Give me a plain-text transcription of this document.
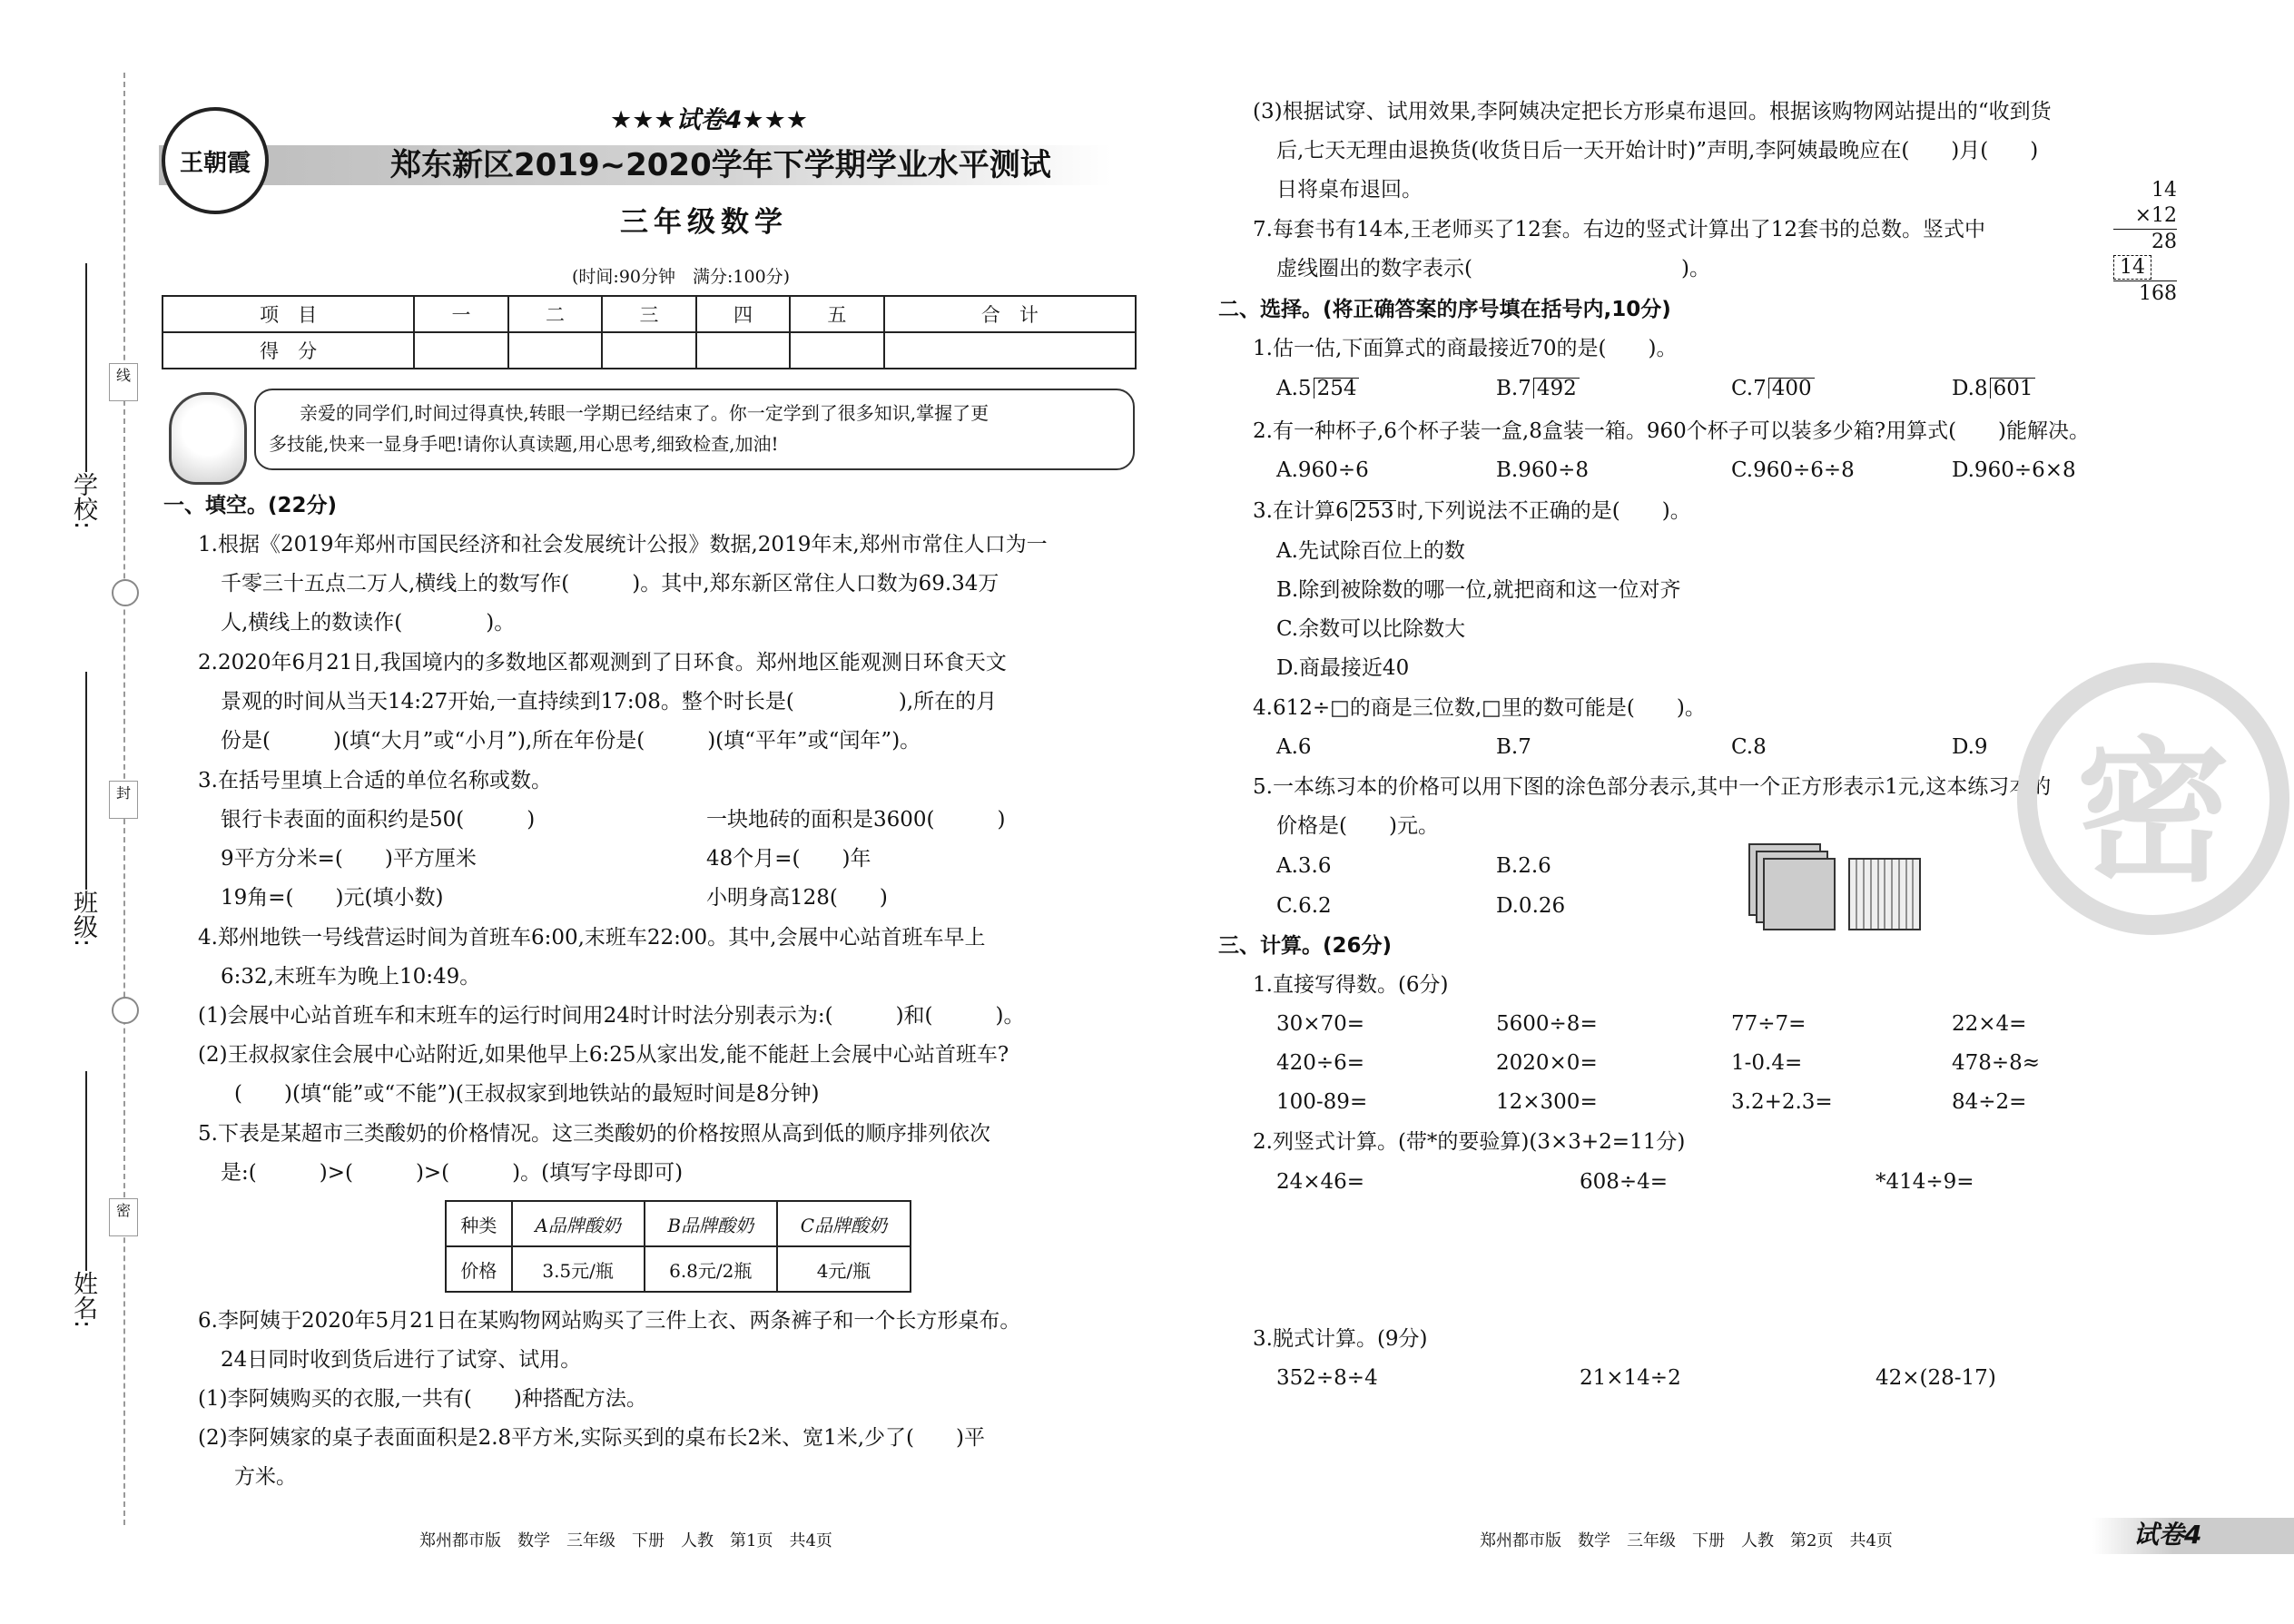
线
封
密
学校:
班级:
姓名:
王朝霞
★★★试卷4★★★
郑东新区2019~2020学年下学期学业水平测试
三年级数学
(时间:90分钟　满分:100分)
项　目	一	二	三	四	五	合　计
得　分						
亲爱的同学们,时间过得真快,转眼一学期已经结束了。你一定学到了很多知识,掌握了更
多技能,快来一显身手吧!请你认真读题,用心思考,细致检查,加油!
一、填空。(22分)
1.根据《2019年郑州市国民经济和社会发展统计公报》数据,2019年末,郑州市常住人口为一
千零三十五点二万人,横线上的数写作(　　　)。其中,郑东新区常住人口数为69.34万
人,横线上的数读作(　　　　)。
2.2020年6月21日,我国境内的多数地区都观测到了日环食。郑州地区能观测日环食天文
景观的时间从当天14:27开始,一直持续到17:08。整个时长是(　　　　　),所在的月
份是(　　　)(填“大月”或“小月”),所在年份是(　　　)(填“平年”或“闰年”)。
3.在括号里填上合适的单位名称或数。
银行卡表面的面积约是50(　　　)	一块地砖的面积是3600(　　　)
9平方分米=(　　)平方厘米	48个月=(　　)年
19角=(　　)元(填小数)	小明身高128(　　)
4.郑州地铁一号线营运时间为首班车6:00,末班车22:00。其中,会展中心站首班车早上
6:32,末班车为晚上10:49。
(1)会展中心站首班车和末班车的运行时间用24时计时法分别表示为:(　　　)和(　　　)。
(2)王叔叔家住会展中心站附近,如果他早上6:25从家出发,能不能赶上会展中心站首班车?
(　　)(填“能”或“不能”)(王叔叔家到地铁站的最短时间是8分钟)
5.下表是某超市三类酸奶的价格情况。这三类酸奶的价格按照从高到低的顺序排列依次
是:(　　　)>(　　　)>(　　　)。(填写字母即可)
种类	A品牌酸奶	B品牌酸奶	C品牌酸奶
价格	3.5元/瓶	6.8元/2瓶	4元/瓶
6.李阿姨于2020年5月21日在某购物网站购买了三件上衣、两条裤子和一个长方形桌布。
24日同时收到货后进行了试穿、试用。
(1)李阿姨购买的衣服,一共有(　　)种搭配方法。
(2)李阿姨家的桌子表面面积是2.8平方米,实际买到的桌布长2米、宽1米,少了(　　)平
方米。
郑州都市版　数学　三年级　下册　人教　第1页　共4页
(3)根据试穿、试用效果,李阿姨决定把长方形桌布退回。根据该购物网站提出的“收到货
后,七天无理由退换货(收货日后一天开始计时)”声明,李阿姨最晚应在(　　)月(　　)
日将桌布退回。
7.每套书有14本,王老师买了12套。右边的竖式计算出了12套书的总数。竖式中
虚线圈出的数字表示(　　　　　　　　　　)。
14
×12
28
14
168
二、选择。(将正确答案的序号填在括号内,10分)
1.估一估,下面算式的商最接近70的是(　　)。
A.5 254	B.7 492	C.7 400	D.8 601
2.有一种杯子,6个杯子装一盒,8盒装一箱。960个杯子可以装多少箱?用算式(　　)能解决。
A.960÷6	B.960÷8	C.960÷6÷8	D.960÷6×8
3.在计算6 253 时,下列说法不正确的是(　　)。
A.先试除百位上的数
B.除到被除数的哪一位,就把商和这一位对齐
C.余数可以比除数大
D.商最接近40
4.612÷□的商是三位数,□里的数可能是(　　)。
A.6	B.7	C.8	D.9
5.一本练习本的价格可以用下图的涂色部分表示,其中一个正方形表示1元,这本练习本的
价格是(　　)元。
A.3.6	B.2.6
C.6.2	D.0.26
三、计算。(26分)
1.直接写得数。(6分)
30×70=	5600÷8=	77÷7=	22×4=
420÷6=	2020×0=	1-0.4=	478÷8≈
100-89=	12×300=	3.2+2.3=	84÷2=
2.列竖式计算。(带*的要验算)(3×3+2=11分)
24×46=	608÷4=	*414÷9=
3.脱式计算。(9分)
352÷8÷4	21×14÷2	42×(28-17)
密
郑州都市版　数学　三年级　下册　人教　第2页　共4页	试卷4
